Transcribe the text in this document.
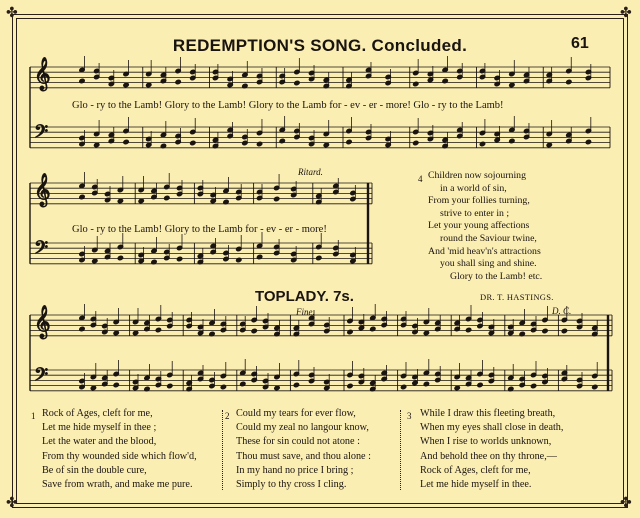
✤	✤
✤	✤
REDEMPTION'S SONG. Concluded.	61
𝄞
𝄢
𝄞
𝄢
𝄞
𝄢
Glo - ry to the Lamb! Glory to the Lamb! Glory to the Lamb for - ev - er - more! Glo - ry to the Lamb!
Ritard.
Glo - ry to the Lamb! Glory to the Lamb for - ev - er - more!
4 Children now sojourning
in a world of sin,
From your follies turning,
strive to enter in ;
Let your young affections
round the Saviour twine,
And 'mid heav'n's attractions
you shall sing and shine.
Glory to the Lamb! etc.
TOPLADY. 7s.	DR. T. HASTINGS.
Fine.	D. C.
1 Rock of Ages, cleft for me,
Let me hide myself in thee ;
Let the water and the blood,
From thy wounded side which flow'd,
Be of sin the double cure,
Save from wrath, and make me pure.
2 Could my tears for ever flow,
Could my zeal no langour know,
These for sin could not atone :
Thou must save, and thou alone :
In my hand no price I bring ;
Simply to thy cross I cling.
3 While I draw this fleeting breath,
When my eyes shall close in death,
When I rise to worlds unknown,
And behold thee on thy throne,—
Rock of Ages, cleft for me,
Let me hide myself in thee.
